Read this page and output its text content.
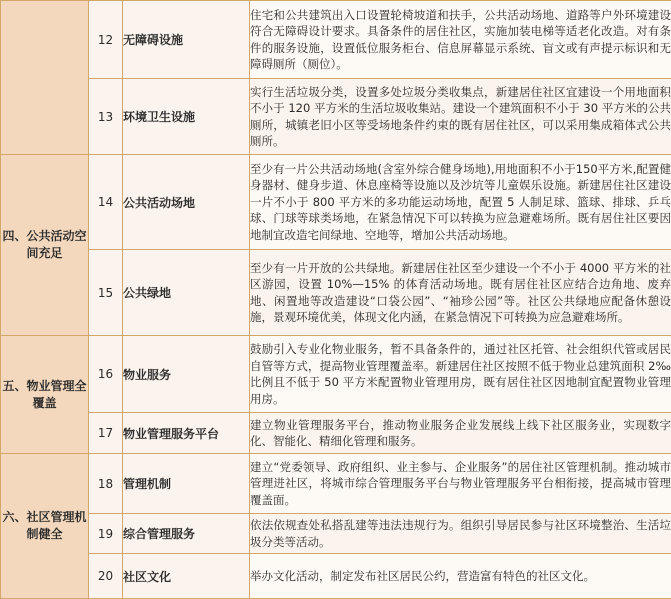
	12	无障碍设施	住宅和公共建筑出入口设置轮椅坡道和扶手，公共活动场地、道路等户外环境建设符合无障碍设计要求。具备条件的居住社区，实施加装电梯等适老化改造。对有条件的服务设施，设置低位服务柜台、信息屏幕显示系统、盲文或有声提示标识和无障碍厕所（厕位）。
	13	环境卫生设施	实行生活垃圾分类，设置多处垃圾分类收集点，新建居住社区宜建设一个用地面积不小于 120 平方米的生活垃圾收集站。建设一个建筑面积不小于 30 平方米的公共厕所，城镇老旧小区等受场地条件约束的既有居住社区，可以采用集成箱体式公共厕所。
四、公共活动空间充足	14	公共活动场地	至少有一片公共活动场地(含室外综合健身场地),用地面积不小于150平方米,配置健身器材、健身步道、休息座椅等设施以及沙坑等儿童娱乐设施。新建居住社区建设一片不小于 800 平方米的多功能运动场地，配置 5 人制足球、篮球、排球、乒乓球、门球等球类场地，在紧急情况下可以转换为应急避难场所。既有居住社区要因地制宜改造宅间绿地、空地等，增加公共活动场地。
	15	公共绿地	至少有一片开放的公共绿地。新建居住社区至少建设一个不小于 4000 平方米的社区游园，设置 10%—15% 的体育活动场地。既有居住社区应结合边角地、废弃地、闲置地等改造建设“口袋公园”、“袖珍公园”等。社区公共绿地应配备休憩设施，景观环境优美，体现文化内涵，在紧急情况下可转换为应急避难场所。
五、物业管理全覆盖	16	物业服务	鼓励引入专业化物业服务，暂不具备条件的，通过社区托管、社会组织代管或居民自管等方式，提高物业管理覆盖率。新建居住社区按照不低于物业总建筑面积 2‰比例且不低于 50 平方米配置物业管理用房，既有居住社区因地制宜配置物业管理用房。
	17	物业管理服务平台	建立物业管理服务平台，推动物业服务企业发展线上线下社区服务业，实现数字化、智能化、精细化管理和服务。
六、社区管理机制健全	18	管理机制	建立“党委领导、政府组织、业主参与、企业服务”的居住社区管理机制。推动城市管理进社区，将城市综合管理服务平台与物业管理服务平台相衔接，提高城市管理覆盖面。
	19	综合管理服务	依法依规查处私搭乱建等违法违规行为。组织引导居民参与社区环境整治、生活垃圾分类等活动。
	20	社区文化	举办文化活动，制定发布社区居民公约，营造富有特色的社区文化。
